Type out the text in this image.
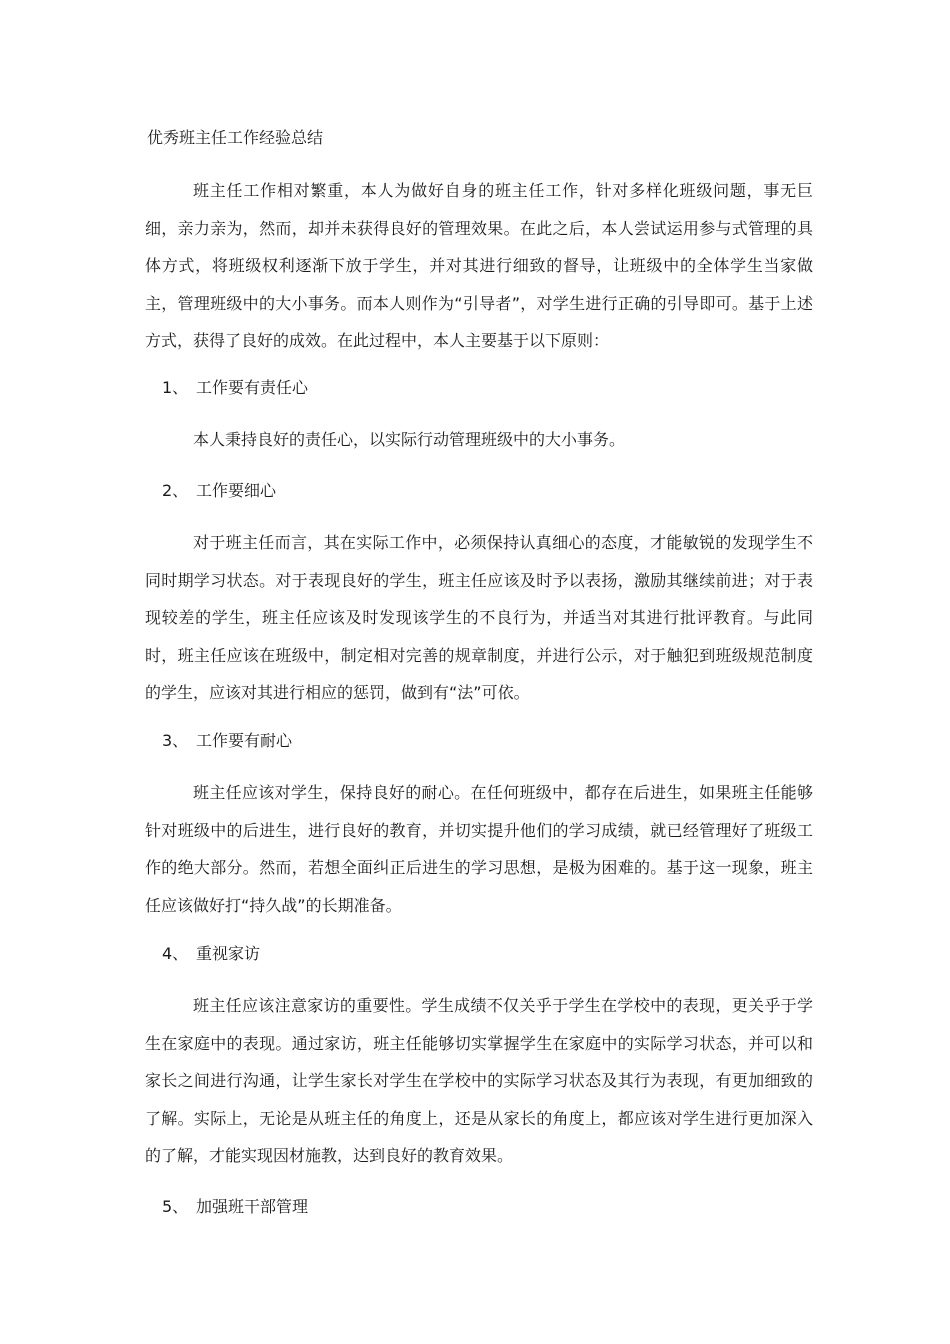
优秀班主任工作经验总结

班主任工作相对繁重，本人为做好自身的班主任工作，针对多样化班级问题，事无巨细，亲力亲为，然而，却并未获得良好的管理效果。在此之后，本人尝试运用参与式管理的具体方式，将班级权利逐渐下放于学生，并对其进行细致的督导，让班级中的全体学生当家做主，管理班级中的大小事务。而本人则作为“引导者”，对学生进行正确的引导即可。基于上述方式，获得了良好的成效。在此过程中，本人主要基于以下原则：

1、 工作要有责任心

本人秉持良好的责任心，以实际行动管理班级中的大小事务。

2、 工作要细心

对于班主任而言，其在实际工作中，必须保持认真细心的态度，才能敏锐的发现学生不同时期学习状态。对于表现良好的学生，班主任应该及时予以表扬，激励其继续前进；对于表现较差的学生，班主任应该及时发现该学生的不良行为，并适当对其进行批评教育。与此同时，班主任应该在班级中，制定相对完善的规章制度，并进行公示，对于触犯到班级规范制度的学生，应该对其进行相应的惩罚，做到有“法”可依。

3、 工作要有耐心

班主任应该对学生，保持良好的耐心。在任何班级中，都存在后进生，如果班主任能够针对班级中的后进生，进行良好的教育，并切实提升他们的学习成绩，就已经管理好了班级工作的绝大部分。然而，若想全面纠正后进生的学习思想，是极为困难的。基于这一现象，班主任应该做好打“持久战”的长期准备。

4、 重视家访

班主任应该注意家访的重要性。学生成绩不仅关乎于学生在学校中的表现，更关乎于学生在家庭中的表现。通过家访，班主任能够切实掌握学生在家庭中的实际学习状态，并可以和家长之间进行沟通，让学生家长对学生在学校中的实际学习状态及其行为表现，有更加细致的了解。实际上，无论是从班主任的角度上，还是从家长的角度上，都应该对学生进行更加深入的了解，才能实现因材施教，达到良好的教育效果。

5、 加强班干部管理
